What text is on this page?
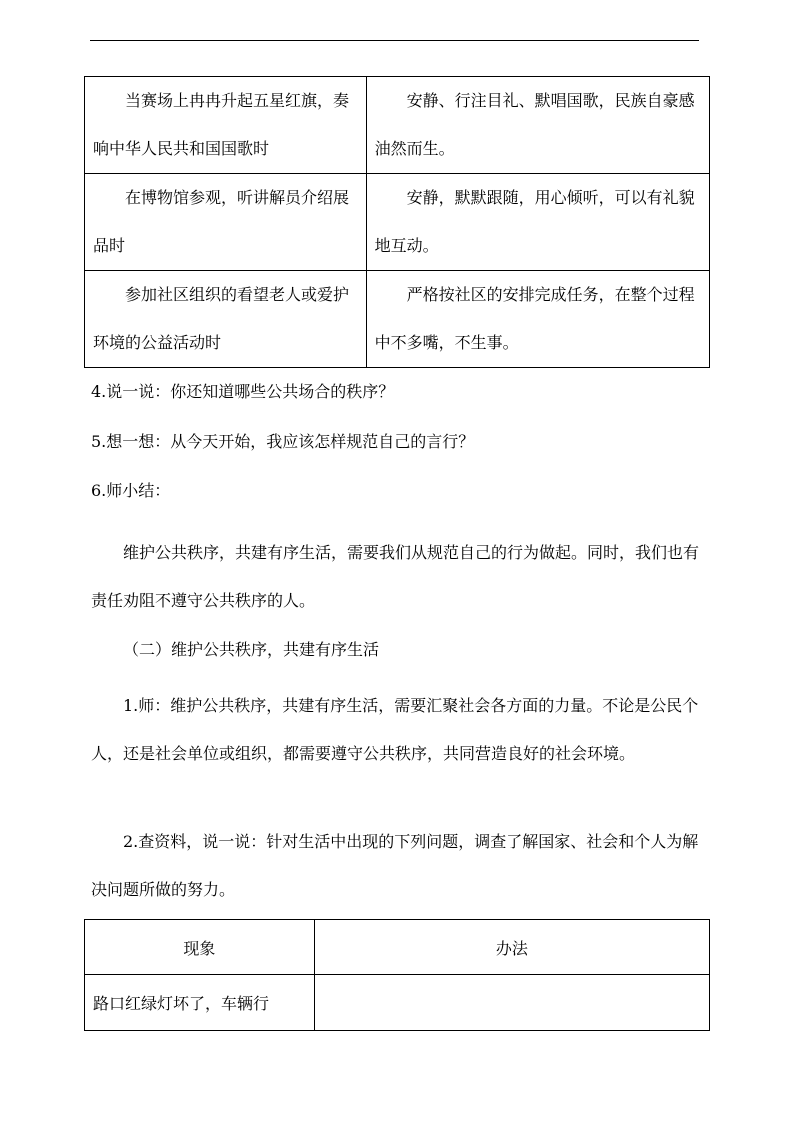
当赛场上冉冉升起五星红旗，奏响中华人民共和国国歌时	安静、行注目礼、默唱国歌，民族自豪感油然而生。

在博物馆参观，听讲解员介绍展品时	安静，默默跟随，用心倾听，可以有礼貌地互动。

参加社区组织的看望老人或爱护环境的公益活动时	严格按社区的安排完成任务，在整个过程中不多嘴，不生事。

4.说一说：你还知道哪些公共场合的秩序？

5.想一想：从今天开始，我应该怎样规范自己的言行？

6.师小结：

维护公共秩序，共建有序生活，需要我们从规范自己的行为做起。同时，我们也有责任劝阻不遵守公共秩序的人。

（二）维护公共秩序，共建有序生活

1.师：维护公共秩序，共建有序生活，需要汇聚社会各方面的力量。不论是公民个人，还是社会单位或组织，都需要遵守公共秩序，共同营造良好的社会环境。

2.查资料，说一说：针对生活中出现的下列问题，调查了解国家、社会和个人为解决问题所做的努力。

现象	办法
路口红绿灯坏了，车辆行	
